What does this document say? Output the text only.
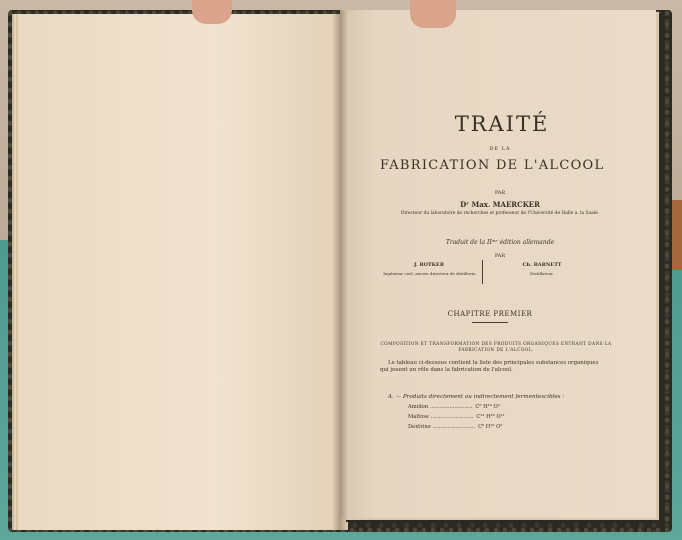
TRAITÉ
DE LA
FABRICATION DE L'ALCOOL
PAR
Dʳ Max. MAERCKER
Directeur du laboratoire de recherches et professeur de l'Université de Halle a. la Saale.
Traduit de la IIᵐᵉ édition allemande
PAR
J. ROTKER
Ingénieur civil, ancien directeur de distillerie.
Ch. BARNETT
Distillateur.
CHAPITRE PREMIER
COMPOSITION ET TRANSFORMATION DES PRODUITS ORGANIQUES ENTRANT DANS LA FABRICATION DE L'ALCOOL.
Le tableau ci-dessous contient la liste des principales substances organiques qui jouent un rôle dans la fabrication de l'alcool.
A. — Produits directement ou indirectement fermentescibles :
Amidon .......................... C⁶ H¹⁰ O⁵
Maltose .......................... C¹² H²² O¹¹
Dextrine .......................... C⁶ H¹⁰ O⁵
